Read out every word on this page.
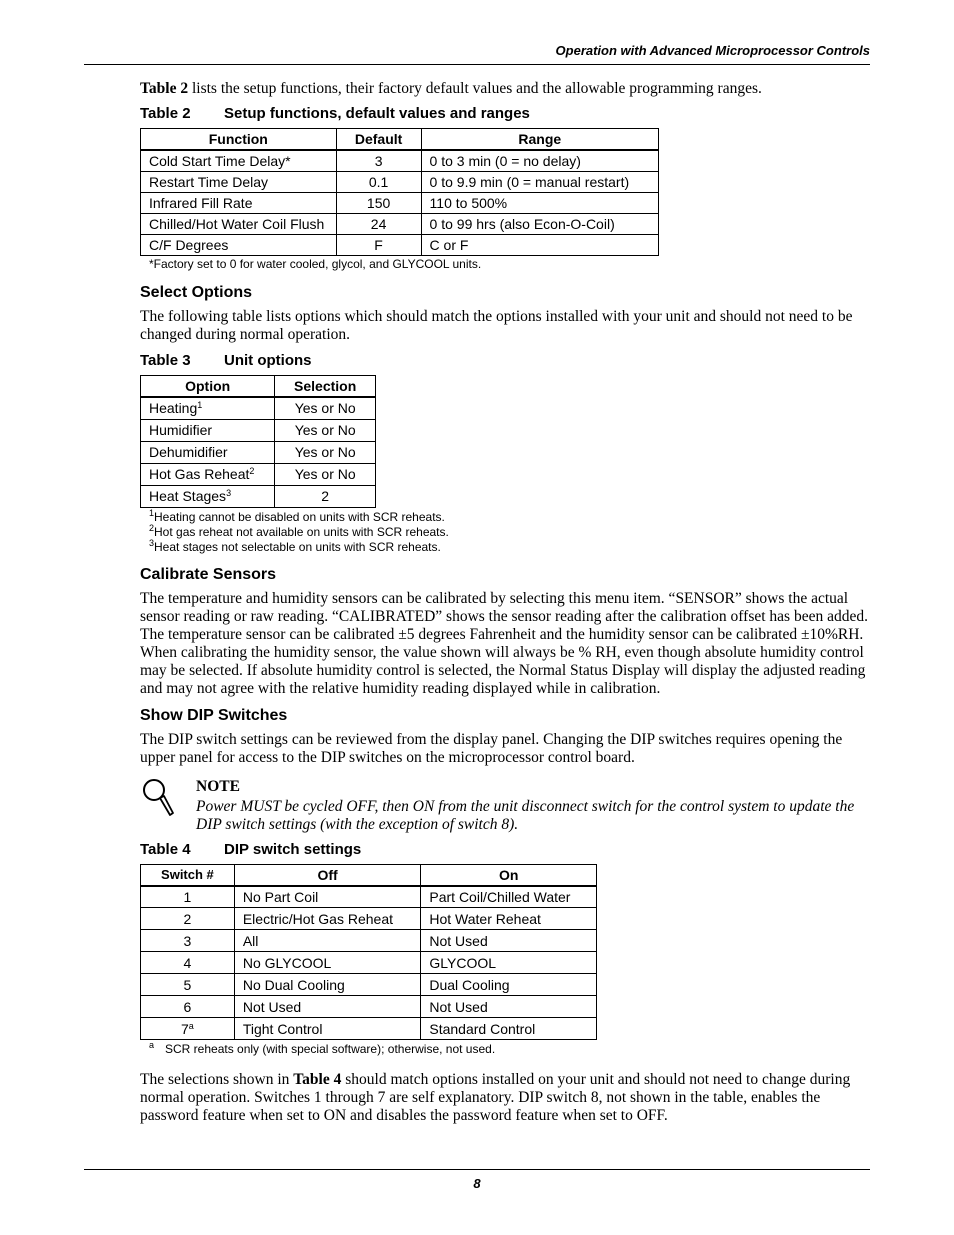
Operation with Advanced Microprocessor Controls

Table 2 lists the setup functions, their factory default values and the allowable programming ranges.

Table 2	Setup functions, default values and ranges
Function	Default	Range
Cold Start Time Delay*	3	0 to 3 min (0 = no delay)
Restart Time Delay	0.1	0 to 9.9 min (0 = manual restart)
Infrared Fill Rate	150	110 to 500%
Chilled/Hot Water Coil Flush	24	0 to 99 hrs (also Econ-O-Coil)
C/F Degrees	F	C or F
*Factory set to 0 for water cooled, glycol, and GLYCOOL units.
Select Options

The following table lists options which should match the options installed with your unit and should not need to be changed during normal operation.

Table 3	Unit options
Option	Selection
Heating$^1$	Yes or No
Humidifier	Yes or No
Dehumidifier	Yes or No
Hot Gas Reheat$^2$	Yes or No
Heat Stages$^3$	2
$^1$Heating cannot be disabled on units with SCR reheats.
$^2$Hot gas reheat not available on units with SCR reheats.
$^3$Heat stages not selectable on units with SCR reheats.
Calibrate Sensors

The temperature and humidity sensors can be calibrated by selecting this menu item. “SENSOR” shows the actual sensor reading or raw reading. “CALIBRATED” shows the sensor reading after the calibration offset has been added. The temperature sensor can be calibrated ±5 degrees Fahrenheit and the humidity sensor can be calibrated ±10%RH. When calibrating the humidity sensor, the value shown will always be % RH, even though absolute humidity control may be selected. If absolute humidity control is selected, the Normal Status Display will display the adjusted reading and may not agree with the relative humidity reading displayed while in calibration.

Show DIP Switches

The DIP switch settings can be reviewed from the display panel. Changing the DIP switches requires opening the upper panel for access to the DIP switches on the microprocessor control board.

NOTE
Power MUST be cycled OFF, then ON from the unit disconnect switch for the control system to update the DIP switch settings (with the exception of switch 8).
Table 4	DIP switch settings
Switch #	Off	On
1	No Part Coil	Part Coil/Chilled Water
2	Electric/Hot Gas Reheat	Hot Water Reheat
3	All	Not Used
4	No GLYCOOL	GLYCOOL
5	No Dual Cooling	Dual Cooling
6	Not Used	Not Used
7$^a$	Tight Control	Standard Control
$^a$ SCR reheats only (with special software); otherwise, not used.

The selections shown in Table 4 should match options installed on your unit and should not need to change during normal operation. Switches 1 through 7 are self explanatory. DIP switch 8, not shown in the table, enables the password feature when set to ON and disables the password feature when set to OFF.

8
